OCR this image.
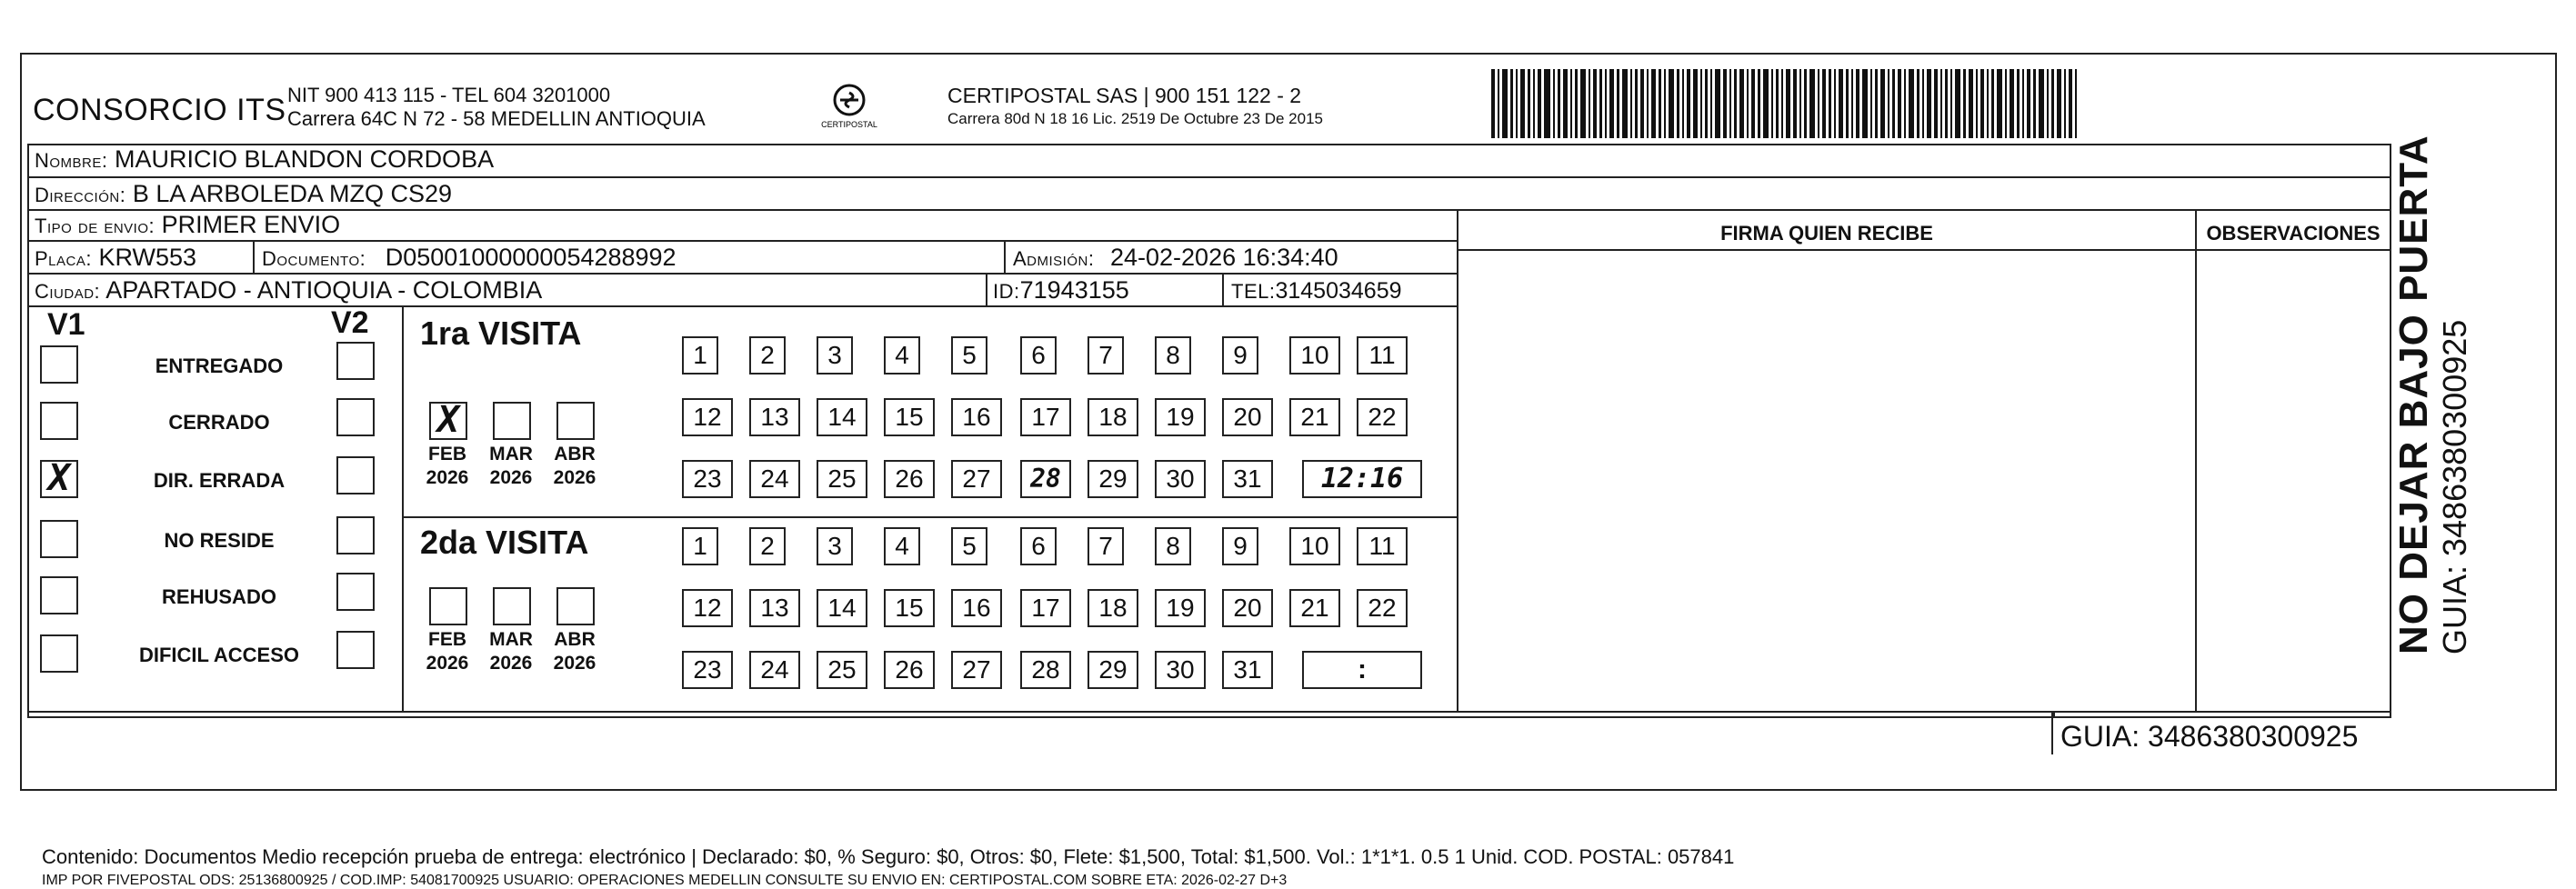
CONSORCIO ITS NIT 900 413 115 - TEL 604 3201000
Carrera 64C N 72 - 58 MEDELLIN ANTIOQUIA	CERTIPOSTAL
CERTIPOSTAL SAS | 900 151 122 - 2
Carrera 80d N 18 16 Lic. 2519 De Octubre 23 De 2015
Nombre: MAURICIO BLANDON CORDOBA
Dirección: B LA ARBOLEDA MZQ CS29
Tipo de envio: PRIMER ENVIO	FIRMA QUIEN RECIBE	OBSERVACIONES
Placa: KRW553	Documento: D05001000000054288992	Admisión: 24-02-2026 16:34:40
Ciudad: APARTADO - ANTIOQUIA - COLOMBIA	ID:71943155	TEL:3145034659
V1	V2
ENTREGADO
CERRADO
X	DIR. ERRADA
NO RESIDE
REHUSADO
DIFICIL ACCESO
1ra VISITA
X
FEB
2026
MAR
2026
ABR
2026
1	2	3	4	5	6	7	8	9	10	11
12	13	14	15	16	17	18	19	20	21	22
23	24	25	26	27	28	29	30	31	12:16
2da VISITA
FEB
2026
MAR
2026
ABR
2026
1	2	3	4	5	6	7	8	9	10	11
12	13	14	15	16	17	18	19	20	21	22
23	24	25	26	27	28	29	30	31	:
Contenido: Documentos Medio recepción prueba de entrega: electrónico | Declarado: $0, % Seguro: $0, Otros: $0, Flete: $1,500, Total: $1,500. Vol.: 1*1*1. 0.5 1 Unid. COD. POSTAL: 057841
IMP POR FIVEPOSTAL ODS: 25136800925 / COD.IMP: 54081700925 USUARIO: OPERACIONES MEDELLIN CONSULTE SU ENVIO EN: CERTIPOSTAL.COM SOBRE ETA: 2026-02-27 D+3
GUIA: 3486380300925
NO DEJAR BAJO PUERTA GUIA: 3486380300925
